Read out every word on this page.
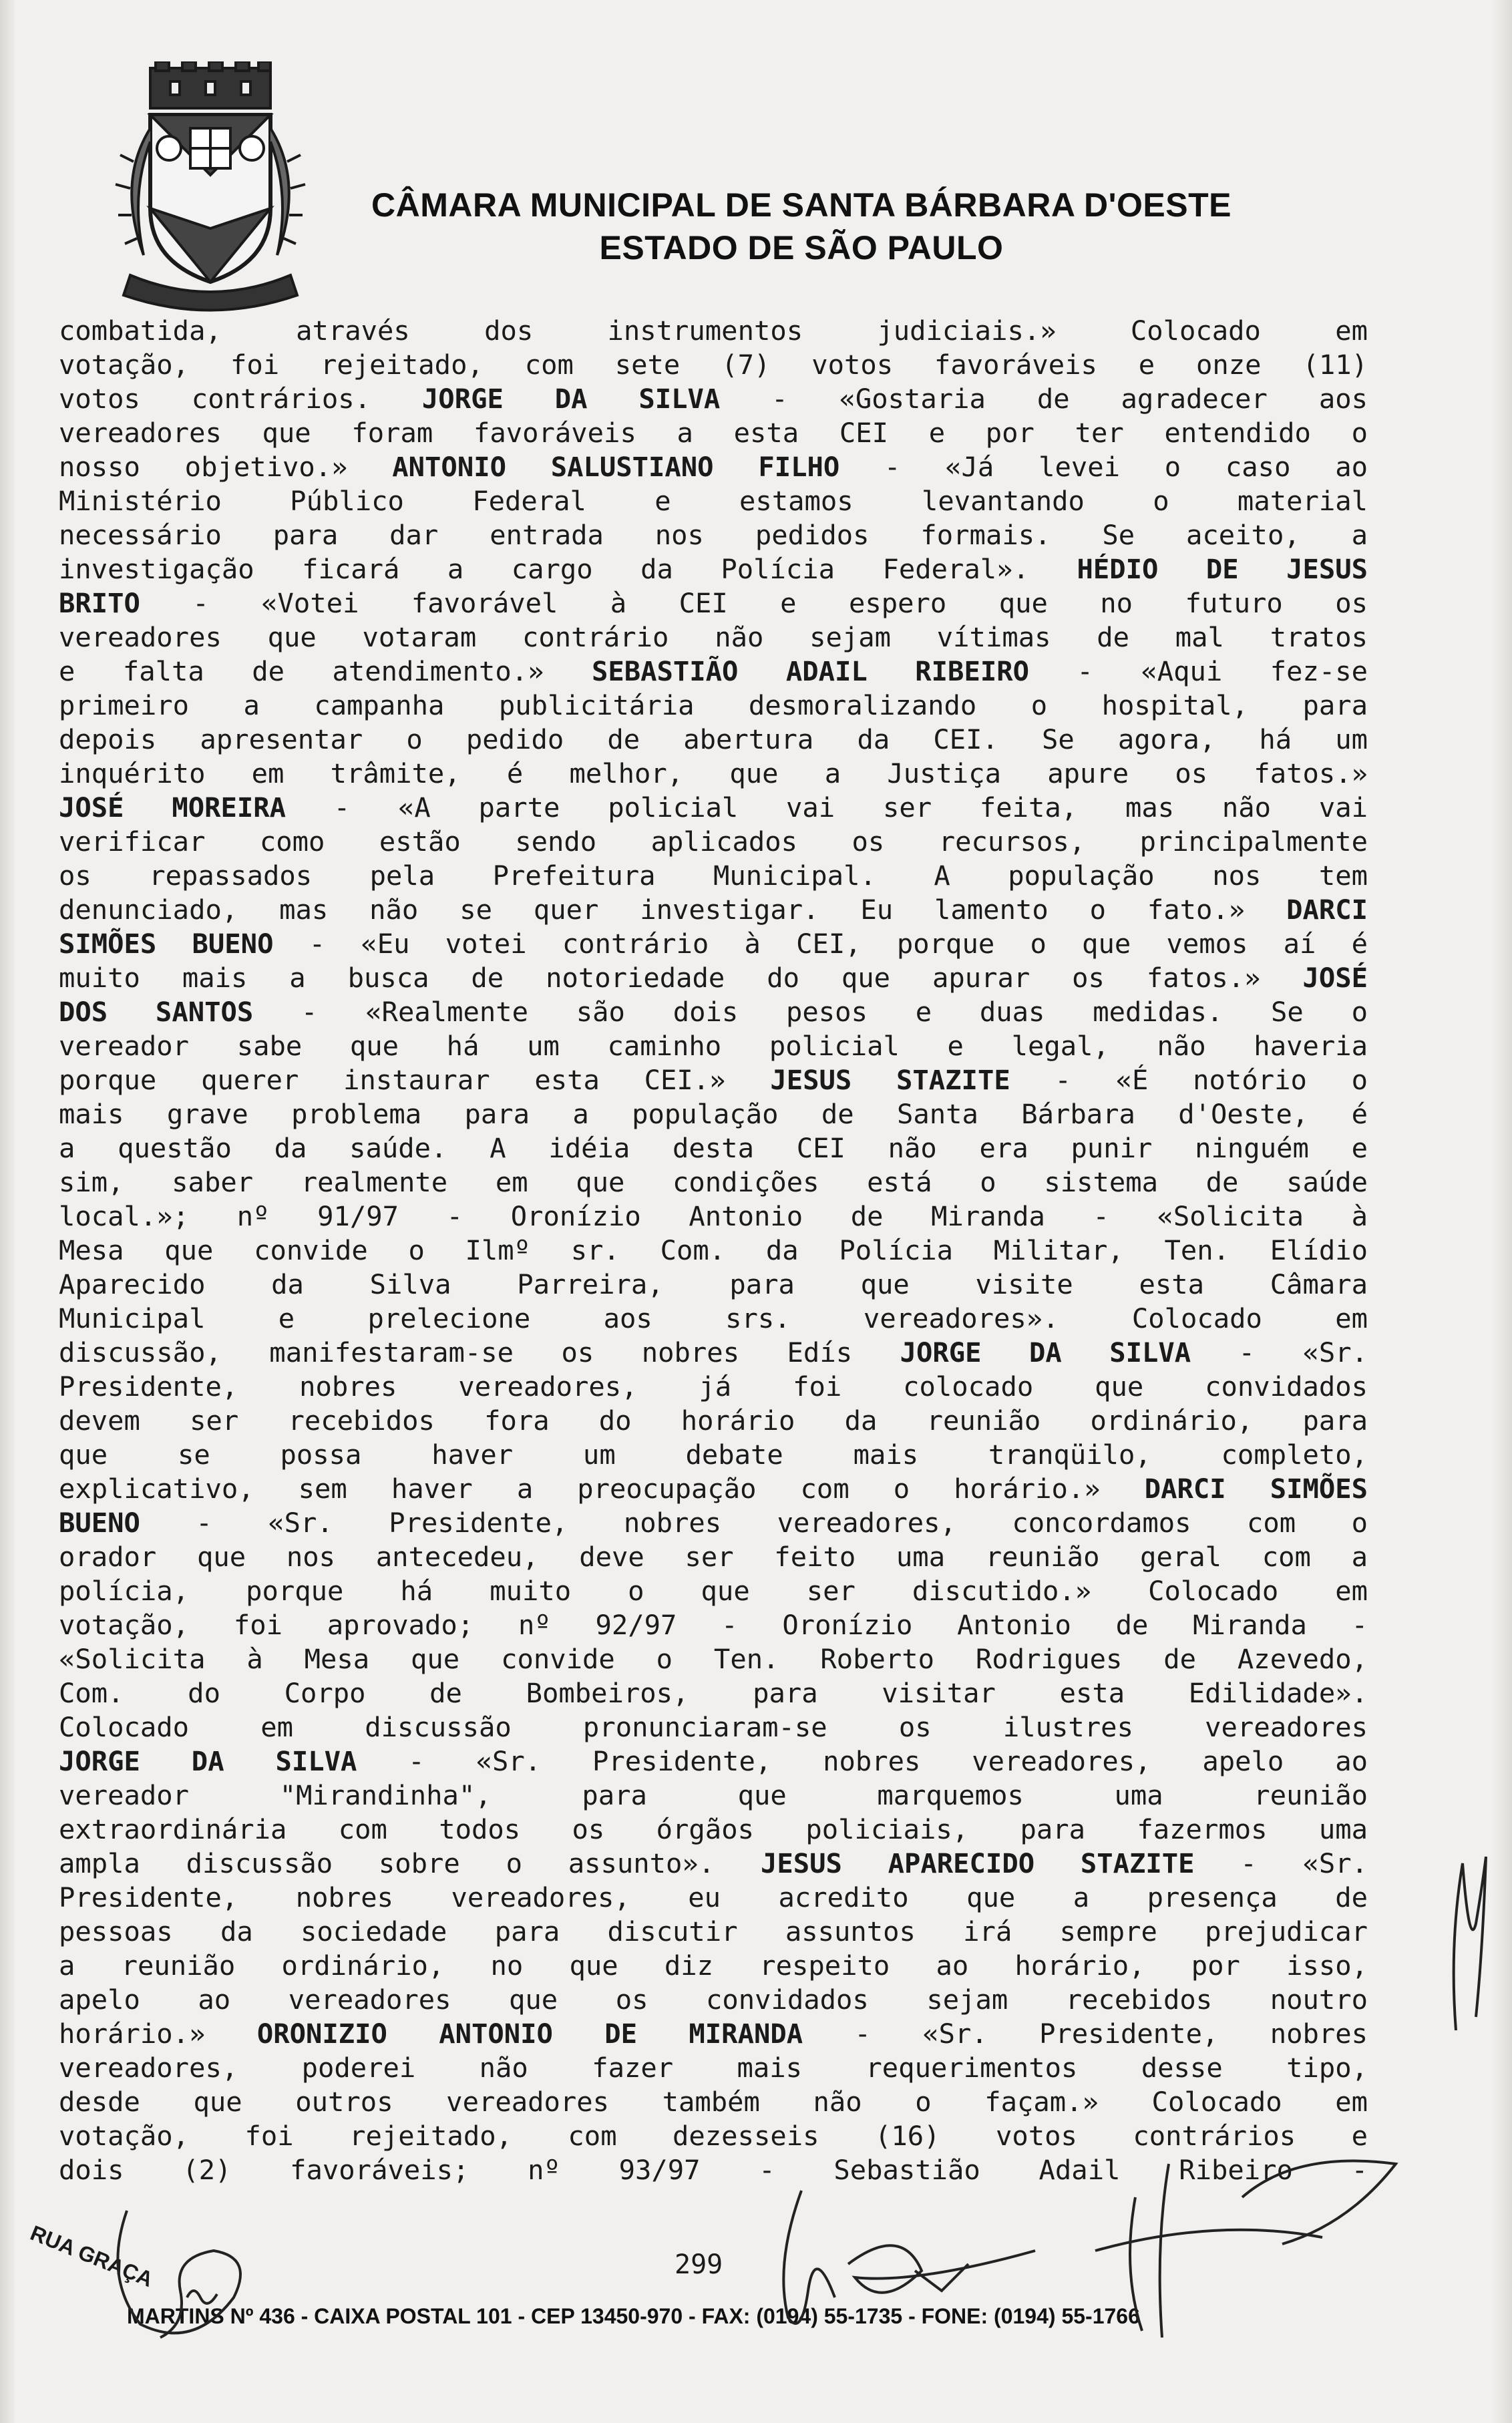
CÂMARA MUNICIPAL DE SANTA BÁRBARA D'OESTE
ESTADO DE SÃO PAULO
combatida, através dos instrumentos judiciais.» Colocado em
votação, foi rejeitado, com sete (7) votos favoráveis e onze (11)
votos contrários. JORGE DA SILVA - «Gostaria de agradecer aos
vereadores que foram favoráveis a esta CEI e por ter entendido o
nosso objetivo.» ANTONIO SALUSTIANO FILHO - «Já levei o caso ao
Ministério Público Federal e estamos levantando o material
necessário para dar entrada nos pedidos formais. Se aceito, a
investigação ficará a cargo da Polícia Federal». HÉDIO DE JESUS
BRITO - «Votei favorável à CEI e espero que no futuro os
vereadores que votaram contrário não sejam vítimas de mal tratos
e falta de atendimento.» SEBASTIÃO ADAIL RIBEIRO - «Aqui fez-se
primeiro a campanha publicitária desmoralizando o hospital, para
depois apresentar o pedido de abertura da CEI. Se agora, há um
inquérito em trâmite, é melhor, que a Justiça apure os fatos.»
JOSÉ MOREIRA - «A parte policial vai ser feita, mas não vai
verificar como estão sendo aplicados os recursos, principalmente
os repassados pela Prefeitura Municipal. A população nos tem
denunciado, mas não se quer investigar. Eu lamento o fato.» DARCI
SIMÕES BUENO - «Eu votei contrário à CEI, porque o que vemos aí é
muito mais a busca de notoriedade do que apurar os fatos.» JOSÉ
DOS SANTOS - «Realmente são dois pesos e duas medidas. Se o
vereador sabe que há um caminho policial e legal, não haveria
porque querer instaurar esta CEI.» JESUS STAZITE - «É notório o
mais grave problema para a população de Santa Bárbara d'Oeste, é
a questão da saúde. A idéia desta CEI não era punir ninguém e
sim, saber realmente em que condições está o sistema de saúde
local.»; nº 91/97 - Oronízio Antonio de Miranda - «Solicita à
Mesa que convide o Ilmº sr. Com. da Polícia Militar, Ten. Elídio
Aparecido da Silva Parreira, para que visite esta Câmara
Municipal e prelecione aos srs. vereadores». Colocado em
discussão, manifestaram-se os nobres Edís JORGE DA SILVA - «Sr.
Presidente, nobres vereadores, já foi colocado que convidados
devem ser recebidos fora do horário da reunião ordinário, para
que se possa haver um debate mais tranqüilo, completo,
explicativo, sem haver a preocupação com o horário.» DARCI SIMÕES
BUENO - «Sr. Presidente, nobres vereadores, concordamos com o
orador que nos antecedeu, deve ser feito uma reunião geral com a
polícia, porque há muito o que ser discutido.» Colocado em
votação, foi aprovado; nº 92/97 - Oronízio Antonio de Miranda -
«Solicita à Mesa que convide o Ten. Roberto Rodrigues de Azevedo,
Com. do Corpo de Bombeiros, para visitar esta Edilidade».
Colocado em discussão pronunciaram-se os ilustres vereadores
JORGE DA SILVA - «Sr. Presidente, nobres vereadores, apelo ao
vereador "Mirandinha", para que marquemos uma reunião
extraordinária com todos os órgãos policiais, para fazermos uma
ampla discussão sobre o assunto». JESUS APARECIDO STAZITE - «Sr.
Presidente, nobres vereadores, eu acredito que a presença de
pessoas da sociedade para discutir assuntos irá sempre prejudicar
a reunião ordinário, no que diz respeito ao horário, por isso,
apelo ao vereadores que os convidados sejam recebidos noutro
horário.» ORONIZIO ANTONIO DE MIRANDA - «Sr. Presidente, nobres
vereadores, poderei não fazer mais requerimentos desse tipo,
desde que outros vereadores também não o façam.» Colocado em
votação, foi rejeitado, com dezesseis (16) votos contrários e
dois (2) favoráveis; nº 93/97 - Sebastião Adail Ribeiro -
299
RUA GRAÇA
MARTINS Nº 436 - CAIXA POSTAL 101 - CEP 13450-970 - FAX: (0194) 55-1735 - FONE: (0194) 55-1766
